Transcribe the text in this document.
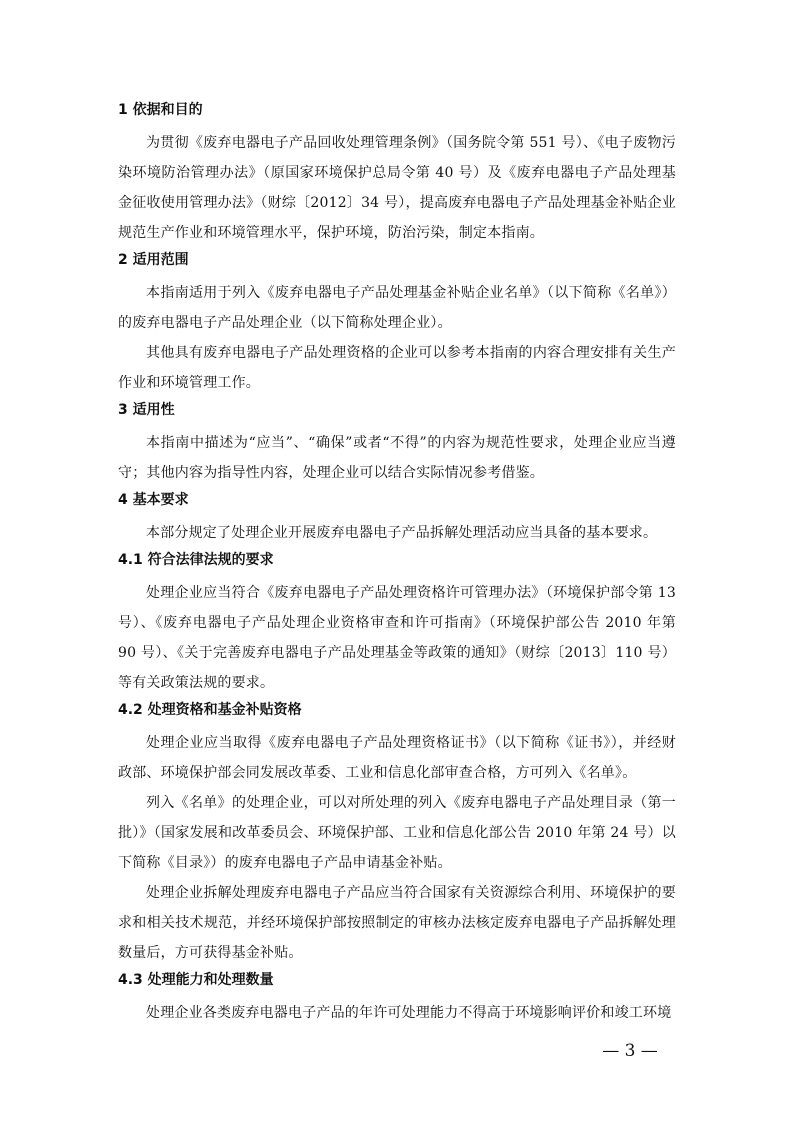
1 依据和目的

为贯彻《废弃电器电子产品回收处理管理条例》（国务院令第 551 号）、《电子废物污染环境防治管理办法》（原国家环境保护总局令第 40 号）及《废弃电器电子产品处理基金征收使用管理办法》（财综〔2012〕34 号），提高废弃电器电子产品处理基金补贴企业规范生产作业和环境管理水平，保护环境，防治污染，制定本指南。

2 适用范围

本指南适用于列入《废弃电器电子产品处理基金补贴企业名单》（以下简称《名单》）的废弃电器电子产品处理企业（以下简称处理企业）。

其他具有废弃电器电子产品处理资格的企业可以参考本指南的内容合理安排有关生产作业和环境管理工作。

3 适用性

本指南中描述为“应当”、“确保”或者“不得”的内容为规范性要求，处理企业应当遵守；其他内容为指导性内容，处理企业可以结合实际情况参考借鉴。

4 基本要求

本部分规定了处理企业开展废弃电器电子产品拆解处理活动应当具备的基本要求。

4.1 符合法律法规的要求

处理企业应当符合《废弃电器电子产品处理资格许可管理办法》（环境保护部令第 13 号）、《废弃电器电子产品处理企业资格审查和许可指南》（环境保护部公告 2010 年第 90 号）、《关于完善废弃电器电子产品处理基金等政策的通知》（财综〔2013〕110 号）等有关政策法规的要求。

4.2 处理资格和基金补贴资格

处理企业应当取得《废弃电器电子产品处理资格证书》（以下简称《证书》），并经财政部、环境保护部会同发展改革委、工业和信息化部审查合格，方可列入《名单》。

列入《名单》的处理企业，可以对所处理的列入《废弃电器电子产品处理目录（第一批）》（国家发展和改革委员会、环境保护部、工业和信息化部公告 2010 年第 24 号）以下简称《目录》）的废弃电器电子产品申请基金补贴。

处理企业拆解处理废弃电器电子产品应当符合国家有关资源综合利用、环境保护的要求和相关技术规范，并经环境保护部按照制定的审核办法核定废弃电器电子产品拆解处理数量后，方可获得基金补贴。

4.3 处理能力和处理数量

处理企业各类废弃电器电子产品的年许可处理能力不得高于环境影响评价和竣工环境

— 3 —
